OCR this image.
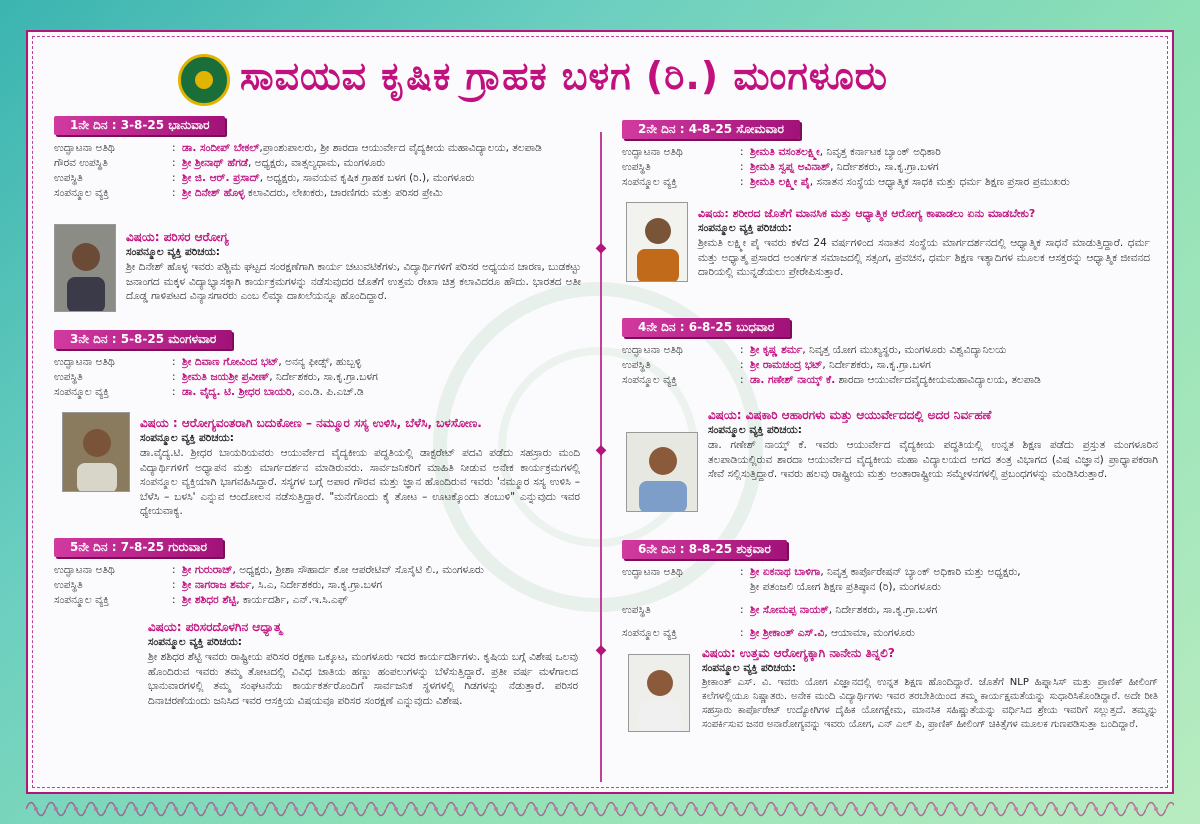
ಸಾವಯವ ಕೃಷಿಕ ಗ್ರಾಹಕ ಬಳಗ (ರಿ.) ಮಂಗಳೂರು
◆
◆
◆
1ನೇ ದಿನ : 3-8-25 ಭಾನುವಾರ
ಉದ್ಘಾಟನಾ ಅತಿಥಿ	: ಡಾ. ಸಂದೀಪ್ ಬೇಕಲ್,ಪ್ರಾಂಶುಪಾಲರು, ಶ್ರೀ ಶಾರದಾ ಆಯುರ್ವೇದ ವೈದ್ಯಕೀಯ ಮಹಾವಿದ್ಯಾಲಯ, ತಲಪಾಡಿ
ಗೌರವ ಉಪಸ್ಥಿತಿ	: ಶ್ರೀ ಶ್ರೀನಾಥ್ ಹೆಗಡೆ, ಅಧ್ಯಕ್ಷರು, ವಾತ್ಸಲ್ಯಧಾಮ, ಮಂಗಳೂರು
ಉಪಸ್ಥಿತಿ	: ಶ್ರೀ ಜಿ. ಆರ್. ಪ್ರಸಾದ್, ಅಧ್ಯಕ್ಷರು, ಸಾವಯವ ಕೃಷಿಕ ಗ್ರಾಹಕ ಬಳಗ (ರಿ.), ಮಂಗಳೂರು
ಸಂಪನ್ಮೂಲ ವ್ಯಕ್ತಿ	: ಶ್ರೀ ದಿನೇಶ್ ಹೊಳ್ಳ ಕಲಾವಿದರು, ಲೇಖಕರು, ಚಾರಣಿಗರು ಮತ್ತು ಪರಿಸರ ಪ್ರೇಮಿ
ವಿಷಯ: ಪರಿಸರ ಆರೋಗ್ಯ
ಸಂಪನ್ಮೂಲ ವ್ಯಕ್ತಿ ಪರಿಚಯ:
ಶ್ರೀ ದಿನೇಶ್ ಹೊಳ್ಳ ಇವರು ಪಶ್ಚಿಮ ಘಟ್ಟದ ಸಂರಕ್ಷಣೆಗಾಗಿ ಕಾರ್ಯ ಚಟುವಟಿಕೆಗಳು, ವಿದ್ಯಾರ್ಥಿಗಳಿಗೆ ಪರಿಸರ ಅಧ್ಯಯನ ಚಾರಣ, ಬುಡಕಟ್ಟು ಜನಾಂಗದ ಮಕ್ಕಳ ವಿದ್ಯಾಭ್ಯಾಸಕ್ಕಾಗಿ ಕಾರ್ಯಕ್ರಮಗಳನ್ನು ನಡೆಸುವುದರ ಜೊತೆಗೆ ಉತ್ತಮ ರೇಖಾ ಚಿತ್ರ ಕಲಾವಿದರೂ ಹೌದು. ಭಾರತದ ಅತೀ ದೊಡ್ಡ ಗಾಳಿಪಟದ ವಿನ್ಯಾಸಗಾರರು ಎಂಬ ಲಿಮ್ಕಾ ದಾಖಲೆಯನ್ನೂ ಹೊಂದಿದ್ದಾರೆ.
3ನೇ ದಿನ : 5-8-25 ಮಂಗಳವಾರ
ಉದ್ಘಾಟನಾ ಅತಿಥಿ	: ಶ್ರೀ ದಿವಾಣ ಗೋವಿಂದ ಭಟ್, ಅನನ್ಯ ಫೀಡ್ಸ್, ಹುಬ್ಬಳ್ಳಿ
ಉಪಸ್ಥಿತಿ	: ಶ್ರೀಮತಿ ಜಯಶ್ರೀ ಪ್ರವೀಣ್, ನಿರ್ದೇಶಕರು, ಸಾ.ಕೃ.ಗ್ರಾ.ಬಳಗ
ಸಂಪನ್ಮೂಲ ವ್ಯಕ್ತಿ	: ಡಾ. ವೈದ್ಯ. ಟಿ. ಶ್ರೀಧರ ಬಾಯರಿ, ಎಂ.ಡಿ. ಪಿ.ಎಚ್.ಡಿ
ವಿಷಯ : ಆರೋಗ್ಯವಂತರಾಗಿ ಬದುಕೋಣ – ನಮ್ಮೂರ ಸಸ್ಯ ಉಳಿಸಿ, ಬೆಳೆಸಿ, ಬಳಸೋಣ.
ಸಂಪನ್ಮೂಲ ವ್ಯಕ್ತಿ ಪರಿಚಯ:
ಡಾ.ವೈದ್ಯ.ಟಿ. ಶ್ರೀಧರ ಬಾಯರಿಯವರು ಆಯುರ್ವೇದ ವೈದ್ಯಕೀಯ ಪದ್ಧತಿಯಲ್ಲಿ ಡಾಕ್ಟರೇಟ್ ಪದವಿ ಪಡೆದು ಸಹಸ್ರಾರು ಮಂದಿ ವಿದ್ಯಾರ್ಥಿಗಳಿಗೆ ಅಧ್ಯಾಪನ ಮತ್ತು ಮಾರ್ಗದರ್ಶನ ಮಾಡಿರುವರು. ಸಾರ್ವಜನಿಕರಿಗೆ ಮಾಹಿತಿ ನೀಡುವ ಅನೇಕ ಕಾರ್ಯಕ್ರಮಗಳಲ್ಲಿ ಸಂಪನ್ಮೂಲ ವ್ಯಕ್ತಿಯಾಗಿ ಭಾಗವಹಿಸಿದ್ದಾರೆ. ಸಸ್ಯಗಳ ಬಗ್ಗೆ ಅಪಾರ ಗೌರವ ಮತ್ತು ಜ್ಞಾನ ಹೊಂದಿರುವ ಇವರು 'ನಮ್ಮೂರ ಸಸ್ಯ ಉಳಿಸಿ – ಬೆಳೆಸಿ – ಬಳಸಿ' ಎನ್ನುವ ಆಂದೋಲನ ನಡೆಸುತ್ತಿದ್ದಾರೆ. "ಮನೆಗೊಂದು ಕೈ ತೋಟ – ಊಟಕ್ಕೊಂದು ತಂಬುಳಿ" ಎನ್ನುವುದು ಇವರ ಧ್ಯೇಯವಾಕ್ಯ.
5ನೇ ದಿನ : 7-8-25 ಗುರುವಾರ
ಉದ್ಘಾಟನಾ ಅತಿಥಿ	: ಶ್ರೀ ಗುರುರಾಜ್, ಅಧ್ಯಕ್ಷರು, ಶ್ರೀಶಾ ಸೌಹಾರ್ದ ಕೋ ಆಪರೇಟಿವ್ ಸೊಸೈಟಿ ಲಿ., ಮಂಗಳೂರು
ಉಪಸ್ಥಿತಿ	: ಶ್ರೀ ನಾಗರಾಜ ಶರ್ಮ, ಸಿ.ಎ, ನಿರ್ದೇಶಕರು, ಸಾ.ಕೃ.ಗ್ರಾ.ಬಳಗ
ಸಂಪನ್ಮೂಲ ವ್ಯಕ್ತಿ	: ಶ್ರೀ ಶಶಿಧರ ಶೆಟ್ಟಿ, ಕಾರ್ಯದರ್ಶಿ, ಎನ್.ಇ.ಸಿ.ಎಫ್
ವಿಷಯ: ಪರಿಸರದೊಳಗಿನ ಆಧ್ಯಾತ್ಮ
ಸಂಪನ್ಮೂಲ ವ್ಯಕ್ತಿ ಪರಿಚಯ:
ಶ್ರೀ ಶಶಿಧರ ಶೆಟ್ಟಿ ಇವರು ರಾಷ್ಟ್ರೀಯ ಪರಿಸರ ರಕ್ಷಣಾ ಒಕ್ಕೂಟ, ಮಂಗಳೂರು ಇದರ ಕಾರ್ಯದರ್ಶಿಗಳು. ಕೃಷಿಯ ಬಗ್ಗೆ ವಿಶೇಷ ಒಲವು ಹೊಂದಿರುವ ಇವರು ತಮ್ಮ ತೋಟದಲ್ಲಿ ವಿವಿಧ ಜಾತಿಯ ಹಣ್ಣು ಹಂಪಲುಗಳನ್ನು ಬೆಳೆಸುತ್ತಿದ್ದಾರೆ. ಪ್ರತೀ ವರ್ಷ ಮಳೆಗಾಲದ ಭಾನುವಾರಗಳಲ್ಲಿ ತಮ್ಮ ಸಂಘಟನೆಯ ಕಾರ್ಯಕರ್ತರೊಂದಿಗೆ ಸಾರ್ವಜನಿಕ ಸ್ಥಳಗಳಲ್ಲಿ ಗಿಡಗಳನ್ನು ನೆಡುತ್ತಾರೆ. ಪರಿಸರ ದಿನಾಚರಣೆಯಂದು ಜನಿಸಿದ ಇವರ ಆಸಕ್ತಿಯ ವಿಷಯವೂ ಪರಿಸರ ಸಂರಕ್ಷಣೆ ಎನ್ನುವುದು ವಿಶೇಷ.
2ನೇ ದಿನ : 4-8-25 ಸೋಮವಾರ
ಉದ್ಘಾಟನಾ ಅತಿಥಿ	: ಶ್ರೀಮತಿ ವಸಂತಲಕ್ಷ್ಮೀ, ನಿವೃತ್ತ ಕರ್ನಾಟಕ ಬ್ಯಾಂಕ್ ಅಧಿಕಾರಿ
ಉಪಸ್ಥಿತಿ	: ಶ್ರೀಮತಿ ಸ್ವಪ್ನ ಅವಿನಾಶ್, ನಿರ್ದೇಶಕರು, ಸಾ.ಕೃ.ಗ್ರಾ.ಬಳಗ
ಸಂಪನ್ಮೂಲ ವ್ಯಕ್ತಿ	: ಶ್ರೀಮತಿ ಲಕ್ಷ್ಮೀ ಪೈ, ಸನಾತನ ಸಂಸ್ಥೆಯ ಆಧ್ಯಾತ್ಮಿಕ ಸಾಧಕಿ ಮತ್ತು ಧರ್ಮ ಶಿಕ್ಷಣ ಪ್ರಸಾರ ಪ್ರಮುಖರು
ವಿಷಯ: ಶರೀರದ ಜೊತೆಗೆ ಮಾನಸಿಕ ಮತ್ತು ಆಧ್ಯಾತ್ಮಿಕ ಆರೋಗ್ಯ ಕಾಪಾಡಲು ಏನು ಮಾಡಬೇಕು?
ಸಂಪನ್ಮೂಲ ವ್ಯಕ್ತಿ ಪರಿಚಯ:
ಶ್ರೀಮತಿ ಲಕ್ಷ್ಮೀ ಪೈ ಇವರು ಕಳೆದ 24 ವರ್ಷಗಳಿಂದ ಸನಾತನ ಸಂಸ್ಥೆಯ ಮಾರ್ಗದರ್ಶನದಲ್ಲಿ ಆಧ್ಯಾತ್ಮಿಕ ಸಾಧನೆ ಮಾಡುತ್ತಿದ್ದಾರೆ. ಧರ್ಮ ಮತ್ತು ಅಧ್ಯಾತ್ಮ ಪ್ರಸಾರದ ಅಂತರ್ಗತ ಸಮಾಜದಲ್ಲಿ ಸತ್ಸಂಗ, ಪ್ರವಚನ, ಧರ್ಮ ಶಿಕ್ಷಣ ಇತ್ಯಾದಿಗಳ ಮೂಲಕ ಆಸಕ್ತರನ್ನು ಆಧ್ಯಾತ್ಮಿಕ ಜೀವನದ ದಾರಿಯಲ್ಲಿ ಮುನ್ನಡೆಯಲು ಪ್ರೇರೇಪಿಸುತ್ತಾರೆ.
4ನೇ ದಿನ : 6-8-25 ಬುಧವಾರ
ಉದ್ಘಾಟನಾ ಅತಿಥಿ	: ಶ್ರೀ ಕೃಷ್ಣ ಶರ್ಮ, ನಿವೃತ್ತ ಯೋಗ ಮುಖ್ಯಸ್ಥರು, ಮಂಗಳೂರು ವಿಶ್ವವಿದ್ಯಾನಿಲಯ
ಉಪಸ್ಥಿತಿ	: ಶ್ರೀ ರಾಮಚಂದ್ರ ಭಟ್, ನಿರ್ದೇಶಕರು, ಸಾ.ಕೃ.ಗ್ರಾ.ಬಳಗ
ಸಂಪನ್ಮೂಲ ವ್ಯಕ್ತಿ	: ಡಾ. ಗಣೇಶ್ ನಾಯ್ಕ್ ಕೆ. ಶಾರದಾ ಆಯುರ್ವೇದವೈದ್ಯಕೀಯಮಹಾವಿದ್ಯಾಲಯ, ತಲಪಾಡಿ
ವಿಷಯ: ವಿಷಕಾರಿ ಆಹಾರಗಳು ಮತ್ತು ಆಯುರ್ವೇದದಲ್ಲಿ ಅದರ ನಿರ್ವಹಣೆ
ಸಂಪನ್ಮೂಲ ವ್ಯಕ್ತಿ ಪರಿಚಯ:
ಡಾ. ಗಣೇಶ್ ನಾಯ್ಕ್ ಕೆ. ಇವರು ಆಯುರ್ವೇದ ವೈದ್ಯಕೀಯ ಪದ್ಧತಿಯಲ್ಲಿ ಉನ್ನತ ಶಿಕ್ಷಣ ಪಡೆದು ಪ್ರಸ್ತುತ ಮಂಗಳೂರಿನ ತಲಪಾಡಿಯಲ್ಲಿರುವ ಶಾರದಾ ಆಯುರ್ವೇದ ವೈದ್ಯಕೀಯ ಮಹಾ ವಿದ್ಯಾಲಯದ ಅಗದ ತಂತ್ರ ವಿಭಾಗದ (ವಿಷ ವಿಜ್ಞಾನ) ಪ್ರಾಧ್ಯಾಪಕರಾಗಿ ಸೇವೆ ಸಲ್ಲಿಸುತ್ತಿದ್ದಾರೆ. ಇವರು ಹಲವು ರಾಷ್ಟ್ರೀಯ ಮತ್ತು ಅಂತಾರಾಷ್ಟ್ರೀಯ ಸಮ್ಮೇಳನಗಳಲ್ಲಿ ಪ್ರಬಂಧಗಳನ್ನು ಮಂಡಿಸಿರುತ್ತಾರೆ.
6ನೇ ದಿನ : 8-8-25 ಶುಕ್ರವಾರ
ಉದ್ಘಾಟನಾ ಅತಿಥಿ	: ಶ್ರೀ ಏಕನಾಥ ಬಾಳಿಗಾ, ನಿವೃತ್ತ ಕಾರ್ಪೊರೇಷನ್ ಬ್ಯಾಂಕ್ ಅಧಿಕಾರಿ ಮತ್ತು ಅಧ್ಯಕ್ಷರು,
ಶ್ರೀ ಪತಂಜಲಿ ಯೋಗ ಶಿಕ್ಷಣ ಪ್ರತಿಷ್ಠಾನ (ರಿ), ಮಂಗಳೂರು
ಉಪಸ್ಥಿತಿ	: ಶ್ರೀ ಸೋಮಪ್ಪ ನಾಯಕ್, ನಿರ್ದೇಶಕರು, ಸಾ.ಕೃ.ಗ್ರಾ.ಬಳಗ
ಸಂಪನ್ಮೂಲ ವ್ಯಕ್ತಿ	: ಶ್ರೀ ಶ್ರೀಕಾಂತ್ ಎಸ್.ವಿ, ಆಯಾಮಾ, ಮಂಗಳೂರು
ವಿಷಯ: ಉತ್ತಮ ಆರೋಗ್ಯಕ್ಕಾಗಿ ನಾನೇನು ತಿನ್ನಲಿ?
ಸಂಪನ್ಮೂಲ ವ್ಯಕ್ತಿ ಪರಿಚಯ:
ಶ್ರೀಕಾಂತ್ ಎಸ್. ವಿ. ಇವರು ಯೋಗ ವಿಜ್ಞಾನದಲ್ಲಿ ಉನ್ನತ ಶಿಕ್ಷಣ ಹೊಂದಿದ್ದಾರೆ. ಜೊತೆಗೆ NLP ಹಿಪ್ನಾಸಿಸ್ ಮತ್ತು ಪ್ರಾಣಿಕ್ ಹೀಲಿಂಗ್ ಕಲೆಗಳಲ್ಲಿಯೂ ನಿಷ್ಣಾತರು. ಅನೇಕ ಮಂದಿ ವಿದ್ಯಾರ್ಥಿಗಳು ಇವರ ತರಬೇತಿಯಿಂದ ತಮ್ಮ ಕಾರ್ಯಕ್ಷಮತೆಯನ್ನು ಸುಧಾರಿಸಿಕೊಂಡಿದ್ದಾರೆ. ಅದೇ ರೀತಿ ಸಹಸ್ರಾರು ಕಾರ್ಪೊರೇಟ್ ಉದ್ಯೋಗಿಗಳ ದೈಹಿಕ ಯೋಗಕ್ಷೇಮ, ಮಾನಸಿಕ ಸಹಿಷ್ಣುತೆಯನ್ನು ವರ್ಧಿಸಿದ ಶ್ರೇಯ ಇವರಿಗೆ ಸಲ್ಲುತ್ತದೆ. ತಮ್ಮನ್ನು ಸಂಪರ್ಕಿಸುವ ಜನರ ಅನಾರೋಗ್ಯವನ್ನು ಇವರು ಯೋಗ, ಎನ್ ಎಲ್ ಪಿ, ಪ್ರಾಣಿಕ್ ಹೀಲಿಂಗ್ ಚಿಕಿತ್ಸೆಗಳ ಮೂಲಕ ಗುಣಪಡಿಸುತ್ತಾ ಬಂದಿದ್ದಾರೆ.
